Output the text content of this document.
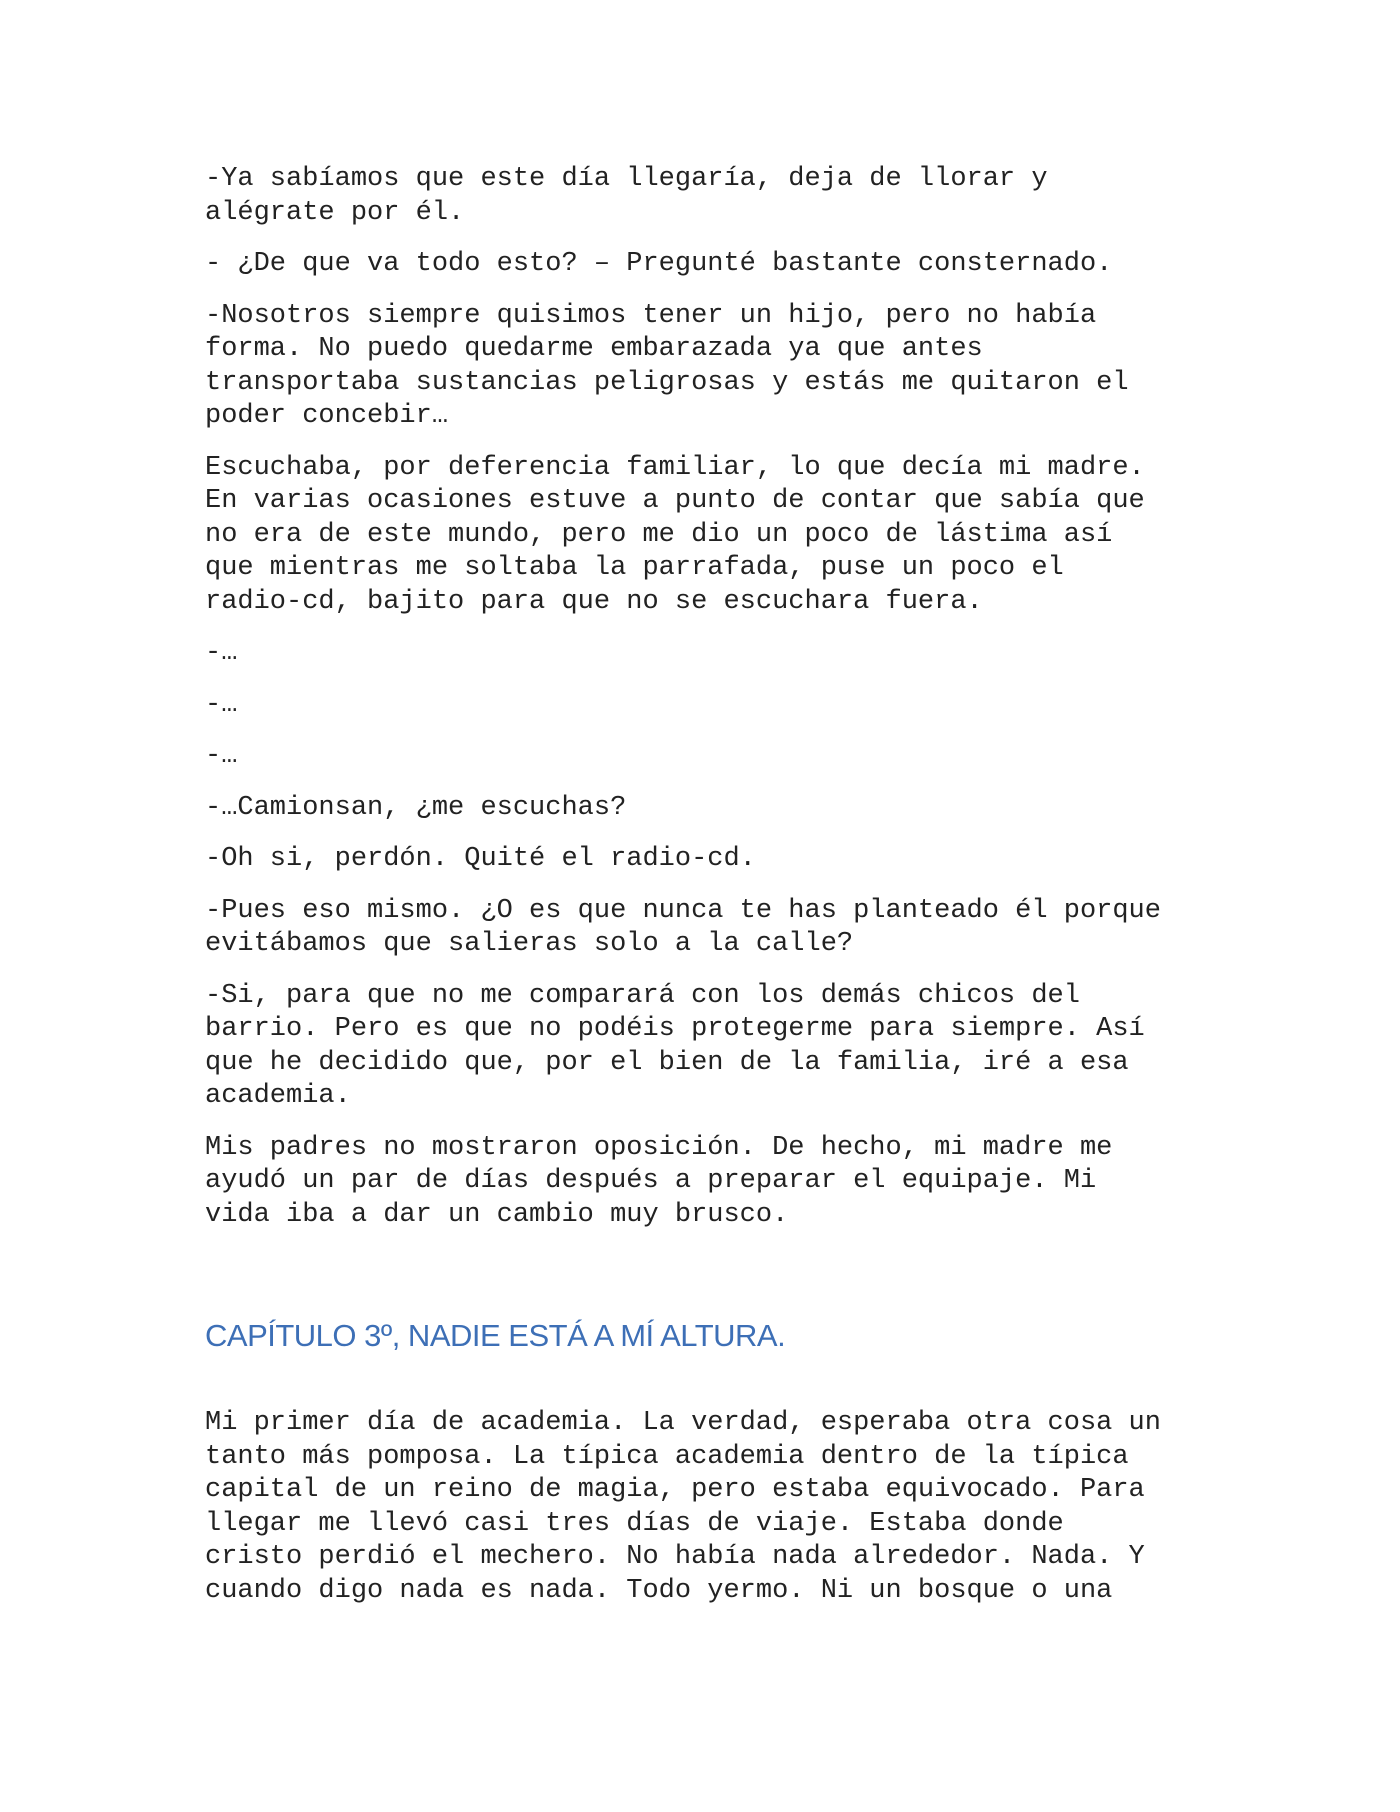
-Ya sabíamos que este día llegaría, deja de llorar y
alégrate por él.

- ¿De que va todo esto? – Pregunté bastante consternado.

-Nosotros siempre quisimos tener un hijo, pero no había
forma. No puedo quedarme embarazada ya que antes
transportaba sustancias peligrosas y estás me quitaron el
poder concebir…

Escuchaba, por deferencia familiar, lo que decía mi madre.
En varias ocasiones estuve a punto de contar que sabía que
no era de este mundo, pero me dio un poco de lástima así
que mientras me soltaba la parrafada, puse un poco el
radio-cd, bajito para que no se escuchara fuera.

-…

-…

-…

-…Camionsan, ¿me escuchas?

-Oh si, perdón. Quité el radio-cd.

-Pues eso mismo. ¿O es que nunca te has planteado él porque
evitábamos que salieras solo a la calle?

-Si, para que no me comparará con los demás chicos del
barrio. Pero es que no podéis protegerme para siempre. Así
que he decidido que, por el bien de la familia, iré a esa
academia.

Mis padres no mostraron oposición. De hecho, mi madre me
ayudó un par de días después a preparar el equipaje. Mi
vida iba a dar un cambio muy brusco.

CAPÍTULO 3º, NADIE ESTÁ A MÍ ALTURA.

Mi primer día de academia. La verdad, esperaba otra cosa un
tanto más pomposa. La típica academia dentro de la típica
capital de un reino de magia, pero estaba equivocado. Para
llegar me llevó casi tres días de viaje. Estaba donde
cristo perdió el mechero. No había nada alrededor. Nada. Y
cuando digo nada es nada. Todo yermo. Ni un bosque o una
